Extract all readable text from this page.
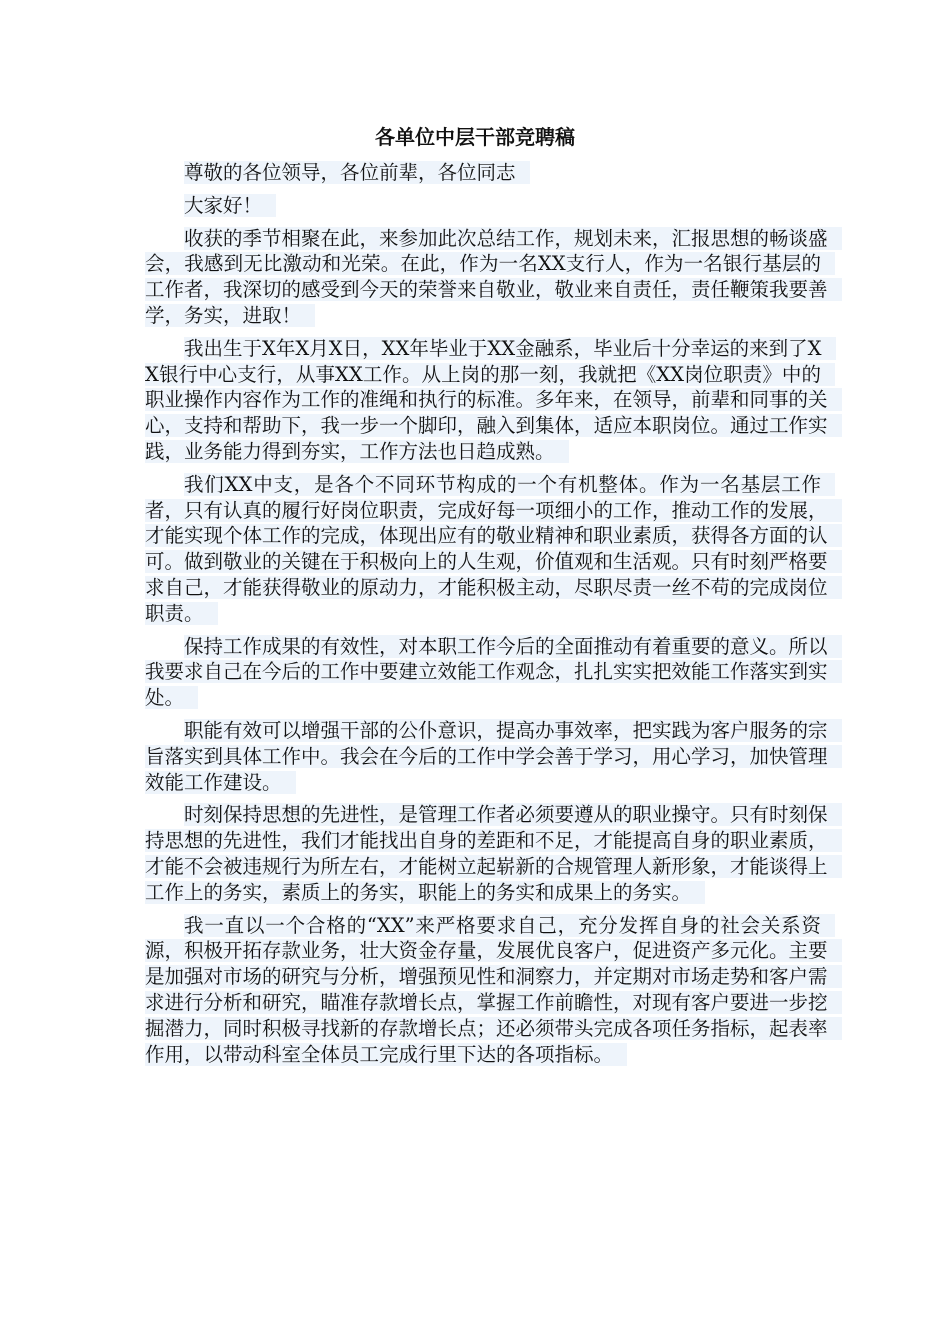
各单位中层干部竞聘稿

尊敬的各位领导，各位前辈，各位同志

大家好！

收获的季节相聚在此，来参加此次总结工作，规划未来，汇报思想的畅谈盛会，我感到无比激动和光荣。在此，作为一名XX支行人，作为一名银行基层的工作者，我深切的感受到今天的荣誉来自敬业，敬业来自责任，责任鞭策我要善学，务实，进取！

我出生于X年X月X日，XX年毕业于XX金融系，毕业后十分幸运的来到了XX银行中心支行，从事XX工作。从上岗的那一刻，我就把《XX岗位职责》中的职业操作内容作为工作的准绳和执行的标准。多年来，在领导，前辈和同事的关心，支持和帮助下，我一步一个脚印，融入到集体，适应本职岗位。通过工作实践，业务能力得到夯实，工作方法也日趋成熟。

我们XX中支，是各个不同环节构成的一个有机整体。作为一名基层工作者，只有认真的履行好岗位职责，完成好每一项细小的工作，推动工作的发展，才能实现个体工作的完成，体现出应有的敬业精神和职业素质，获得各方面的认可。做到敬业的关键在于积极向上的人生观，价值观和生活观。只有时刻严格要求自己，才能获得敬业的原动力，才能积极主动，尽职尽责一丝不苟的完成岗位职责。

保持工作成果的有效性，对本职工作今后的全面推动有着重要的意义。所以我要求自己在今后的工作中要建立效能工作观念，扎扎实实把效能工作落实到实处。

职能有效可以增强干部的公仆意识，提高办事效率，把实践为客户服务的宗旨落实到具体工作中。我会在今后的工作中学会善于学习，用心学习，加快管理效能工作建设。

时刻保持思想的先进性，是管理工作者必须要遵从的职业操守。只有时刻保持思想的先进性，我们才能找出自身的差距和不足，才能提高自身的职业素质，才能不会被违规行为所左右，才能树立起崭新的合规管理人新形象，才能谈得上工作上的务实，素质上的务实，职能上的务实和成果上的务实。

我一直以一个合格的“XX”来严格要求自己，充分发挥自身的社会关系资源，积极开拓存款业务，壮大资金存量，发展优良客户，促进资产多元化。主要是加强对市场的研究与分析，增强预见性和洞察力，并定期对市场走势和客户需求进行分析和研究，瞄准存款增长点，掌握工作前瞻性，对现有客户要进一步挖掘潜力，同时积极寻找新的存款增长点；还必须带头完成各项任务指标，起表率作用，以带动科室全体员工完成行里下达的各项指标。
